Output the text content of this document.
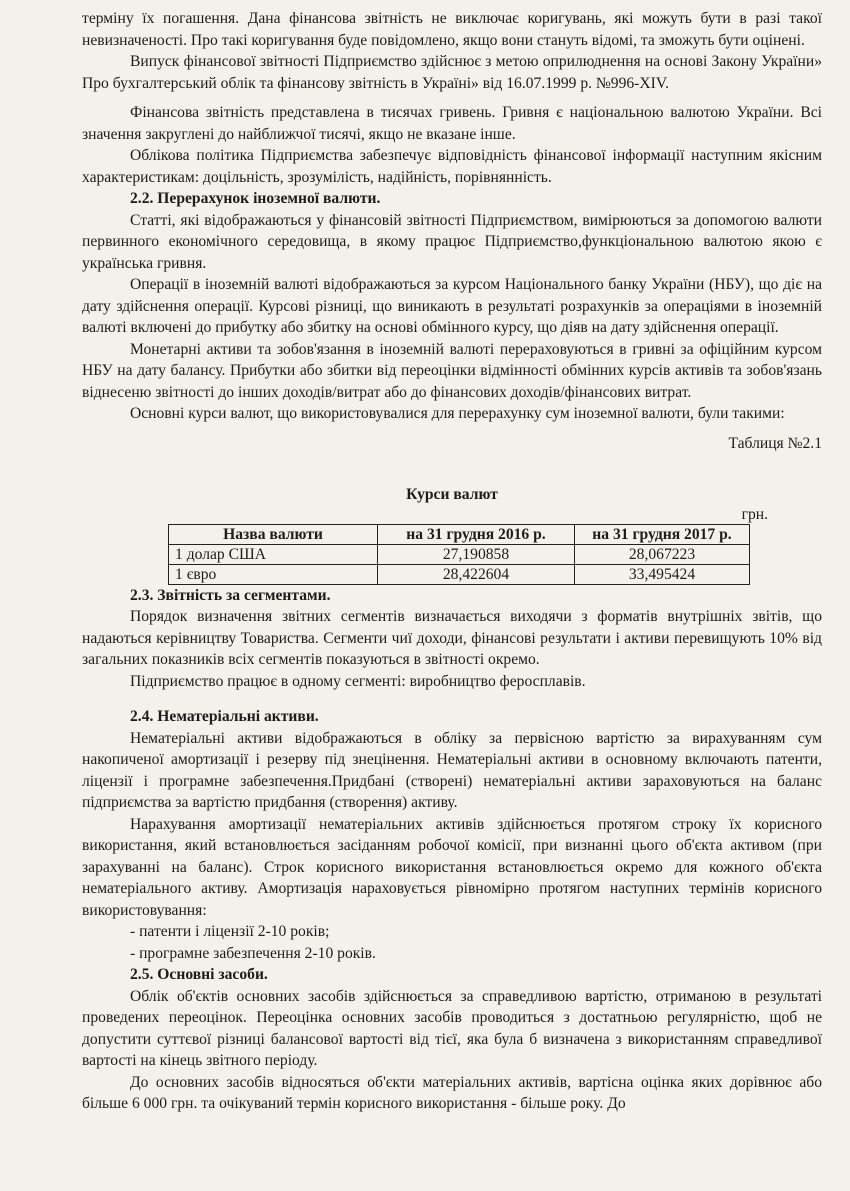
терміну їх погашення. Дана фінансова звітність не виключає коригувань, які можуть бути в разі такої невизначеності. Про такі коригування буде повідомлено, якщо вони стануть відомі, та зможуть бути оцінені.

Випуск фінансової звітності Підприємство здійснює з метою оприлюднення на основі Закону України» Про бухгалтерський облік та фінансову звітність в Україні» від 16.07.1999 р. №996-XIV.

Фінансова звітність представлена в тисячах гривень. Гривня є національною валютою України. Всі значення закруглені до найближчої тисячі, якщо не вказане інше.

Облікова політика Підприємства забезпечує відповідність фінансової інформації наступним якісним характеристикам: доцільність, зрозумілість, надійність, порівнянність.

2.2. Перерахунок іноземної валюти.

Статті, які відображаються у фінансовій звітності Підприємством, вимірюються за допомогою валюти первинного економічного середовища, в якому працює Підприємство,функціональною валютою якою є українська гривня.

Операції в іноземній валюті відображаються за курсом Національного банку України (НБУ), що діє на дату здійснення операції. Курсові різниці, що виникають в результаті розрахунків за операціями в іноземній валюті включені до прибутку або збитку на основі обмінного курсу, що діяв на дату здійснення операції.

Монетарні активи та зобов'язання в іноземній валюті перераховуються в гривні за офіційним курсом НБУ на дату балансу. Прибутки або збитки від переоцінки відмінності обмінних курсів активів та зобов'язань віднесеню звітності до інших доходів/витрат або до фінансових доходів/фінансових витрат.

Основні курси валют, що використовувалися для перерахунку сум іноземної валюти, були такими:

Таблиця №2.1

Курси валют

грн.

Назва валюти	на 31 грудня 2016 р.	на 31 грудня 2017 р.
1 долар США	27,190858	28,067223
1 євро	28,422604	33,495424

2.3. Звітність за сегментами.

Порядок визначення звітних сегментів визначається виходячи з форматів внутрішніх звітів, що надаються керівництву Товариства. Сегменти чиї доходи, фінансові результати і активи перевищують 10% від загальних показників всіх сегментів показуються в звітності окремо.

Підприємство працює в одному сегменті: виробництво феросплавів.

2.4. Нематеріальні активи.

Нематеріальні активи відображаються в обліку за первісною вартістю за вирахуванням сум накопиченої амортизації і резерву під знецінення. Нематеріальні активи в основному включають патенти, ліцензії і програмне забезпечення.Придбані (створені) нематеріальні активи зараховуються на баланс підприємства за вартістю придбання (створення) активу.

Нарахування амортизації нематеріальних активів здійснюється протягом строку їх корисного використання, який встановлюється засіданням робочої комісії, при визнанні цього об'єкта активом (при зарахуванні на баланс). Строк корисного використання встановлюється окремо для кожного об'єкта нематеріального активу. Амортизація нараховується рівномірно протягом наступних термінів корисного використовування:

- патенти і ліцензії 2-10 років;

- програмне забезпечення 2-10 років.

2.5. Основні засоби.

Облік об'єктів основних засобів здійснюється за справедливою вартістю, отриманою в результаті проведених переоцінок. Переоцінка основних засобів проводиться з достатньою регулярністю, щоб не допустити суттєвої різниці балансової вартості від тієї, яка була б визначена з використанням справедливої вартості на кінець звітного періоду.

До основних засобів відносяться об'єкти матеріальних активів, вартісна оцінка яких дорівнює або більше 6 000 грн. та очікуваний термін корисного використання - більше року. До
